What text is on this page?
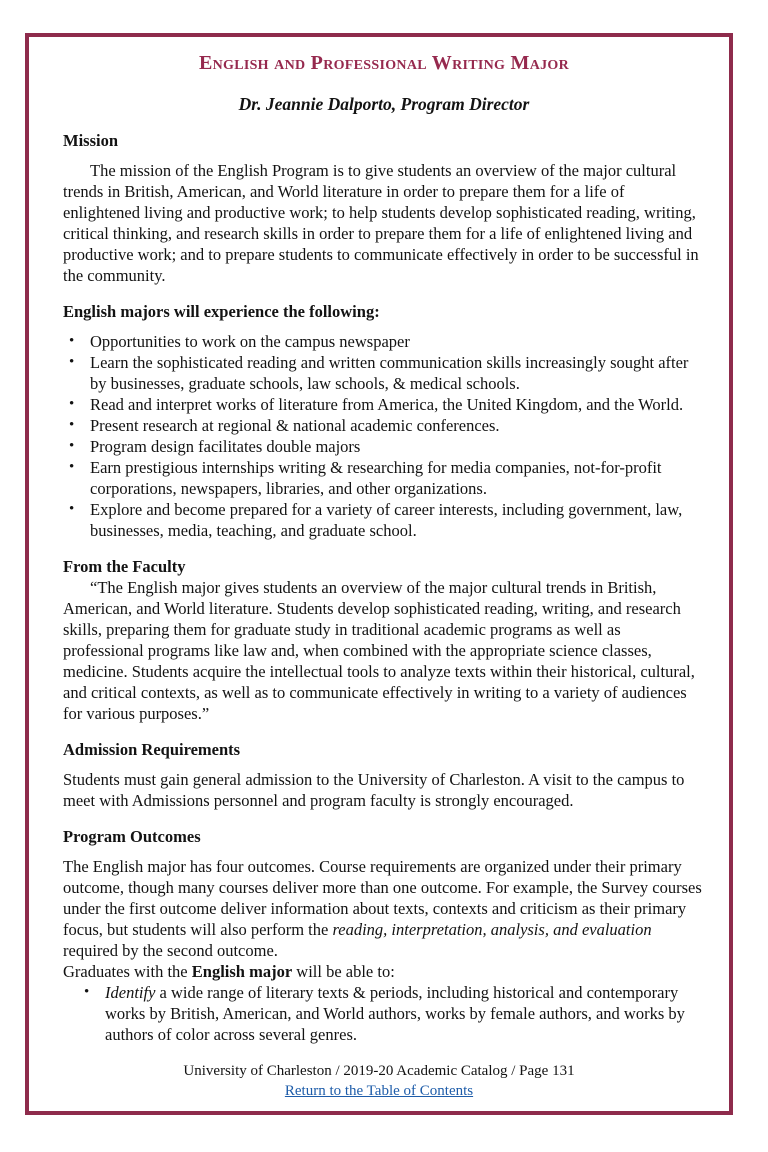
English and Professional Writing Major

Dr. Jeannie Dalporto, Program Director

Mission

The mission of the English Program is to give students an overview of the major cultural trends in British, American, and World literature in order to prepare them for a life of enlightened living and productive work; to help students develop sophisticated reading, writing, critical thinking, and research skills in order to prepare them for a life of enlightened living and productive work; and to prepare students to communicate effectively in order to be successful in the community.

English majors will experience the following:
• Opportunities to work on the campus newspaper
• Learn the sophisticated reading and written communication skills increasingly sought after by businesses, graduate schools, law schools, & medical schools.
• Read and interpret works of literature from America, the United Kingdom, and the World.
• Present research at regional & national academic conferences.
• Program design facilitates double majors
• Earn prestigious internships writing & researching for media companies, not-for-profit corporations, newspapers, libraries, and other organizations.
• Explore and become prepared for a variety of career interests, including government, law, businesses, media, teaching, and graduate school.
From the Faculty

“The English major gives students an overview of the major cultural trends in British, American, and World literature. Students develop sophisticated reading, writing, and research skills, preparing them for graduate study in traditional academic programs as well as professional programs like law and, when combined with the appropriate science classes, medicine. Students acquire the intellectual tools to analyze texts within their historical, cultural, and critical contexts, as well as to communicate effectively in writing to a variety of audiences for various purposes.”

Admission Requirements

Students must gain general admission to the University of Charleston. A visit to the campus to meet with Admissions personnel and program faculty is strongly encouraged.

Program Outcomes

The English major has four outcomes. Course requirements are organized under their primary outcome, though many courses deliver more than one outcome. For example, the Survey courses under the first outcome deliver information about texts, contexts and criticism as their primary focus, but students will also perform the reading, interpretation, analysis, and evaluation required by the second outcome.

Graduates with the English major will be able to:

• Identify a wide range of literary texts & periods, including historical and contemporary works by British, American, and World authors, works by female authors, and works by authors of color across several genres.
University of Charleston / 2019-20 Academic Catalog / Page 131
Return to the Table of Contents
